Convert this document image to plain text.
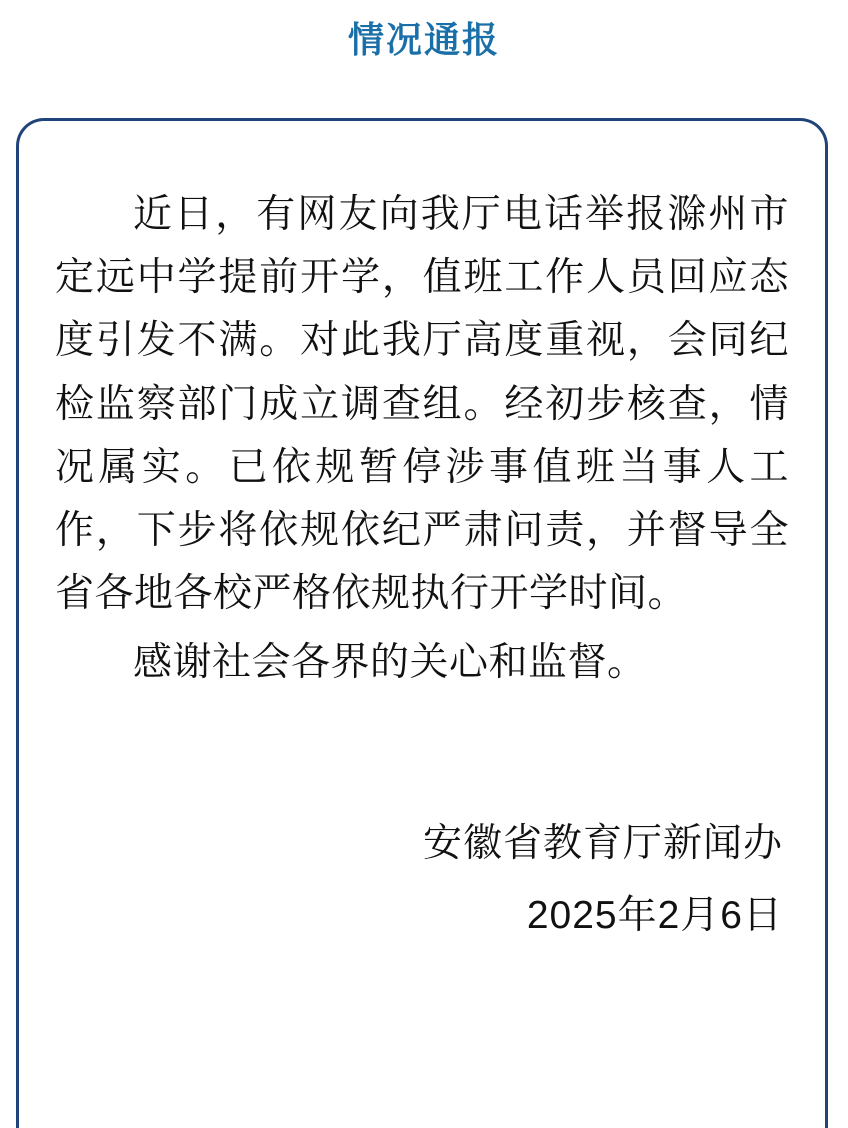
情况通报

近日，有网友向我厅电话举报滁州市定远中学提前开学，值班工作人员回应态度引发不满。对此我厅高度重视，会同纪检监察部门成立调查组。经初步核查，情况属实。已依规暂停涉事值班当事人工作，下步将依规依纪严肃问责，并督导全省各地各校严格依规执行开学时间。

感谢社会各界的关心和监督。

安徽省教育厅新闻办
2025年2月6日
